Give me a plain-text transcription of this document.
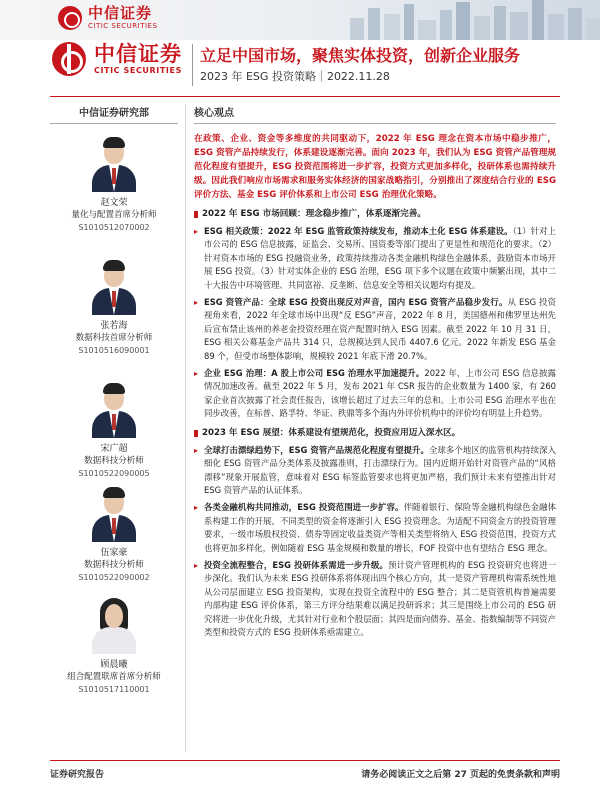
中信证券
CITIC SECURITIES
中信证券
CITIC SECURITIES
立足中国市场，聚焦实体投资，创新企业服务
2023 年 ESG 投资策略｜2022.11.28
中信证券研究部
赵文荣
量化与配置首席分析师
S1010512070002
张若海
数据科技首席分析师
S1010516090001
宋广超
数据科技分析师
S1010522090005
伍家豪
数据科技分析师
S1010522090002
顾晨曦
组合配置联席首席分析师
S1010517110001
核心观点

在政策、企业、资金等多维度的共同驱动下，2022 年 ESG 理念在资本市场中稳步推广，ESG 资管产品持续发行，体系建设逐渐完善。面向 2023 年，我们认为 ESG 资管产品管理规范化程度有望提升，ESG 投资范围将进一步扩容，投资方式更加多样化，投研体系也需持续升级。因此我们响应市场需求和服务实体经济的国家战略指引，分别推出了深度结合行业的 ESG 评价方法、基金 ESG 评价体系和上市公司 ESG 治理优化策略。

2022 年 ESG 市场回顾：理念稳步推广，体系逐渐完善。
▸ ESG 相关政策：2022 年 ESG 监管政策持续发布，推动本土化 ESG 体系建设。（1）针对上市公司的 ESG 信息披露，证监会、交易所、国资委等部门提出了更显性和规范化的要求。（2）针对资本市场的 ESG 投融资业务，政策持续推动各类金融机构绿色金融体系，鼓励资本市场开展 ESG 投资。（3）针对实体企业的 ESG 治理，ESG 项下多个议题在政策中频繁出现，其中二十大报告中环境管理、共同富裕、反垄断、信息安全等相关议题均有提及。
▸ ESG 资管产品：全球 ESG 投资出现反对声音，国内 ESG 资管产品稳步发行。从 ESG 投资视角来看，2022 年全球市场中出现“反 ESG”声音，2022 年 8 月，美国德州和佛罗里达州先后宣布禁止该州的养老金投资经理在资产配置时纳入 ESG 因素。截至 2022 年 10 月 31 日，ESG 相关公募基金产品共 314 只，总规模达到人民币 4407.6 亿元。2022 年新发 ESG 基金 89 个，但受市场整体影响，规模较 2021 年底下滑 20.7%。
▸ 企业 ESG 治理：A 股上市公司 ESG 治理水平加速提升。2022 年，上市公司 ESG 信息披露情况加速改善。截至 2022 年 5 月，发布 2021 年 CSR 报告的企业数量为 1400 家，有 260 家企业首次披露了社会责任报告，该增长超过了过去三年的总和。上市公司 ESG 治理水平也在同步改善，在标普、路孚特、华证、秩鼎等多个海内外评价机构中的评价均有明显上升趋势。
2023 年 ESG 展望：体系建设有望规范化，投资应用迈入深水区。
▸ 全球打击漂绿趋势下，ESG 资管产品规范化程度有望提升。全球多个地区的监管机构持续深入细化 ESG 资管产品分类体系及披露准则，打击漂绿行为。国内近期开始针对资管产品的“风格漂移”现象开展监管，意味着对 ESG 标签监管要求也将更加严格，我们预计未来有望推出针对 ESG 资管产品的认证体系。
▸ 各类金融机构共同推动，ESG 投资范围进一步扩容。伴随着银行、保险等金融机构绿色金融体系构建工作的开展，不同类型的资金将逐渐引入 ESG 投资理念。为适配不同资金方的投资管理要求，一级市场股权投资、债券等固定收益类资产等相关类型将纳入 ESG 投资范围，投资方式也将更加多样化，例如随着 ESG 基金规模和数量的增长，FOF 投资中也有望结合 ESG 理念。
▸ 投资全流程整合，ESG 投研体系需进一步升级。预计资产管理机构的 ESG 投资研究也将进一步深化。我们认为未来 ESG 投研体系将体现出四个核心方向，其一是资产管理机构需系统性地从公司层面建立 ESG 投资架构，实现在投资全流程中的 ESG 整合；其二是资管机构普遍需要内部构建 ESG 评价体系，第三方评分结果难以满足投研诉求；其三是围绕上市公司的 ESG 研究将进一步优化升级，尤其针对行业和个股层面；其四是面向债券、基金、指数编制等不同资产类型和投资方式的 ESG 投研体系亟需建立。
证券研究报告	请务必阅读正文之后第 27 页起的免责条款和声明
